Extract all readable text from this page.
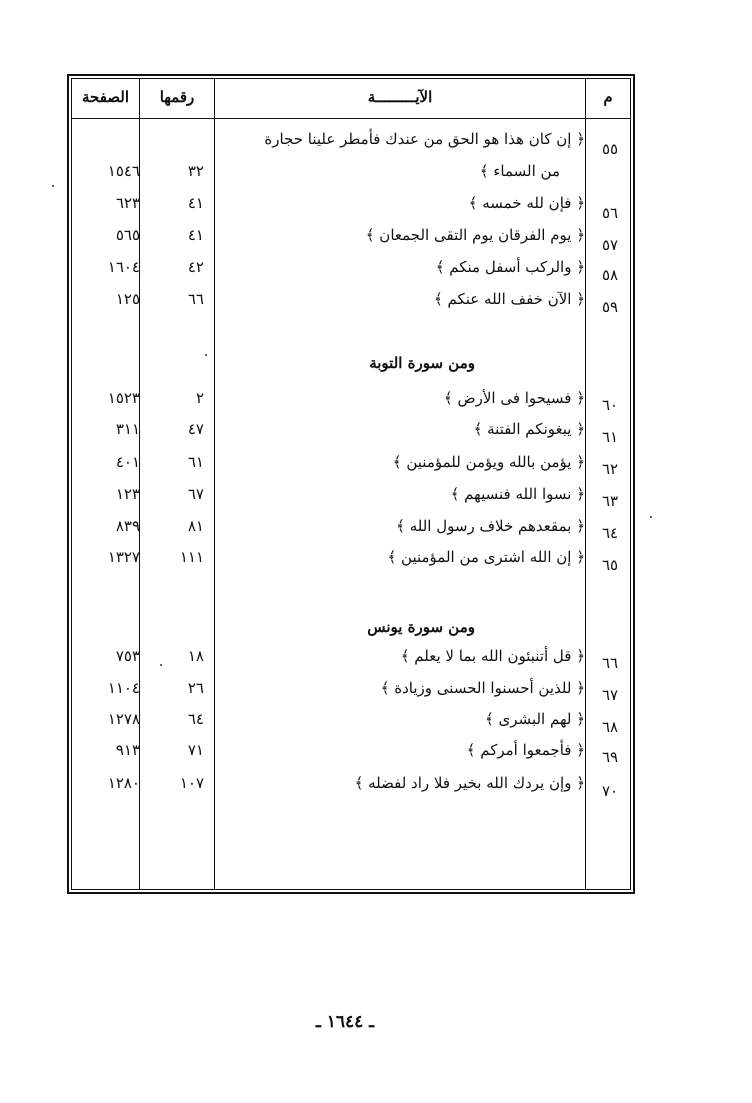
م
الآيـــــــــة
رقمها
الصفحة
٥٥
﴿ إن كان هذا هو الحق من عندك فأمطر علينا حجارة
من السماء ﴾
٣٢
١٥٤٦
٥٦
﴿ فإن لله خمسه ﴾
٤١
٦٢٣
٥٧
﴿ يوم الفرقان يوم التقى الجمعان ﴾
٤١
٥٦٥
٥٨
﴿ والركب أسفل منكم ﴾
٤٢
١٦٠٤
٥٩
﴿ الآن خفف الله عنكم ﴾
٦٦
١٢٥
ومن سورة التوبة
٦٠
﴿ فسيحوا فى الأرض ﴾
٢
١٥٢٣
٦١
﴿ يبغونكم الفتنة ﴾
٤٧
٣١١
٦٢
﴿ يؤمن بالله ويؤمن للمؤمنين ﴾
٦١
٤٠١
٦٣
﴿ نسوا الله فنسيهم ﴾
٦٧
١٢٣
٦٤
﴿ بمقعدهم خلاف رسول الله ﴾
٨١
٨٣٩
٦٥
﴿ إن الله اشترى من المؤمنين ﴾
١١١
١٣٢٧
ومن سورة يونس
٦٦
﴿ قل أتنبئون الله بما لا يعلم ﴾
١٨
٧٥٣
٦٧
﴿ للذين أحسنوا الحسنى وزيادة ﴾
٢٦
١١٠٤
٦٨
﴿ لهم البشرى ﴾
٦٤
١٢٧٨
٦٩
﴿ فأجمعوا أمركم ﴾
٧١
٩١٣
٧٠
﴿ وإن يردك الله بخير فلا راد لفضله ﴾
١٠٧
١٢٨٠
ـ ١٦٤٤ ـ
